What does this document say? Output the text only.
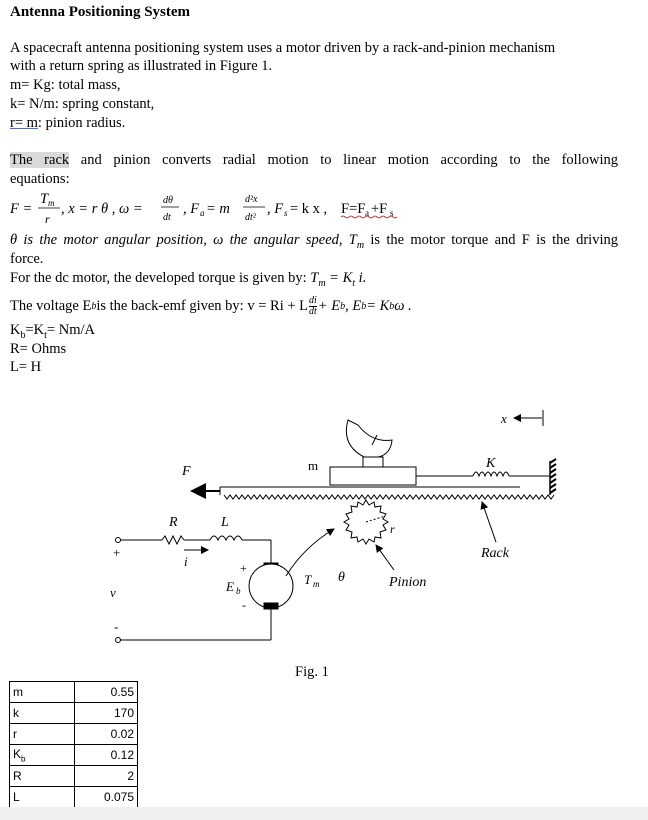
Antenna Positioning System
A spacecraft antenna positioning system uses a motor driven by a rack-and-pinion mechanism
with a return spring as illustrated in Figure 1.
m= Kg: total mass,
k= N/m: spring constant,
r= m: pinion radius.
The rack and pinion converts radial motion to linear motion according to the following
equations:
F =
T m
r
, x = r θ , ω =
dθ
dt
, F a = m
d²x
dt²
, F s = k x , F=F a +F s
θ is the motor angular position, ω the angular speed, $T_m$ is the motor torque and F is the driving
force.
For the dc motor, the developed torque is given by: $T_m = K_t$ i.
The voltage E b is the back-emf given by: v = Ri + L di
dt + E b , E b = K b ω .
$K_b=K_t= Nm/A$
R= Ohms
L= H
x
m	K
F
r
Rack
Pinion
R	L
i
+
v
-
+
E b
-
T m θ
Fig. 1
m	0.55
k	170
r	0.02
$K_b$	0.12
R	2
L	0.075
